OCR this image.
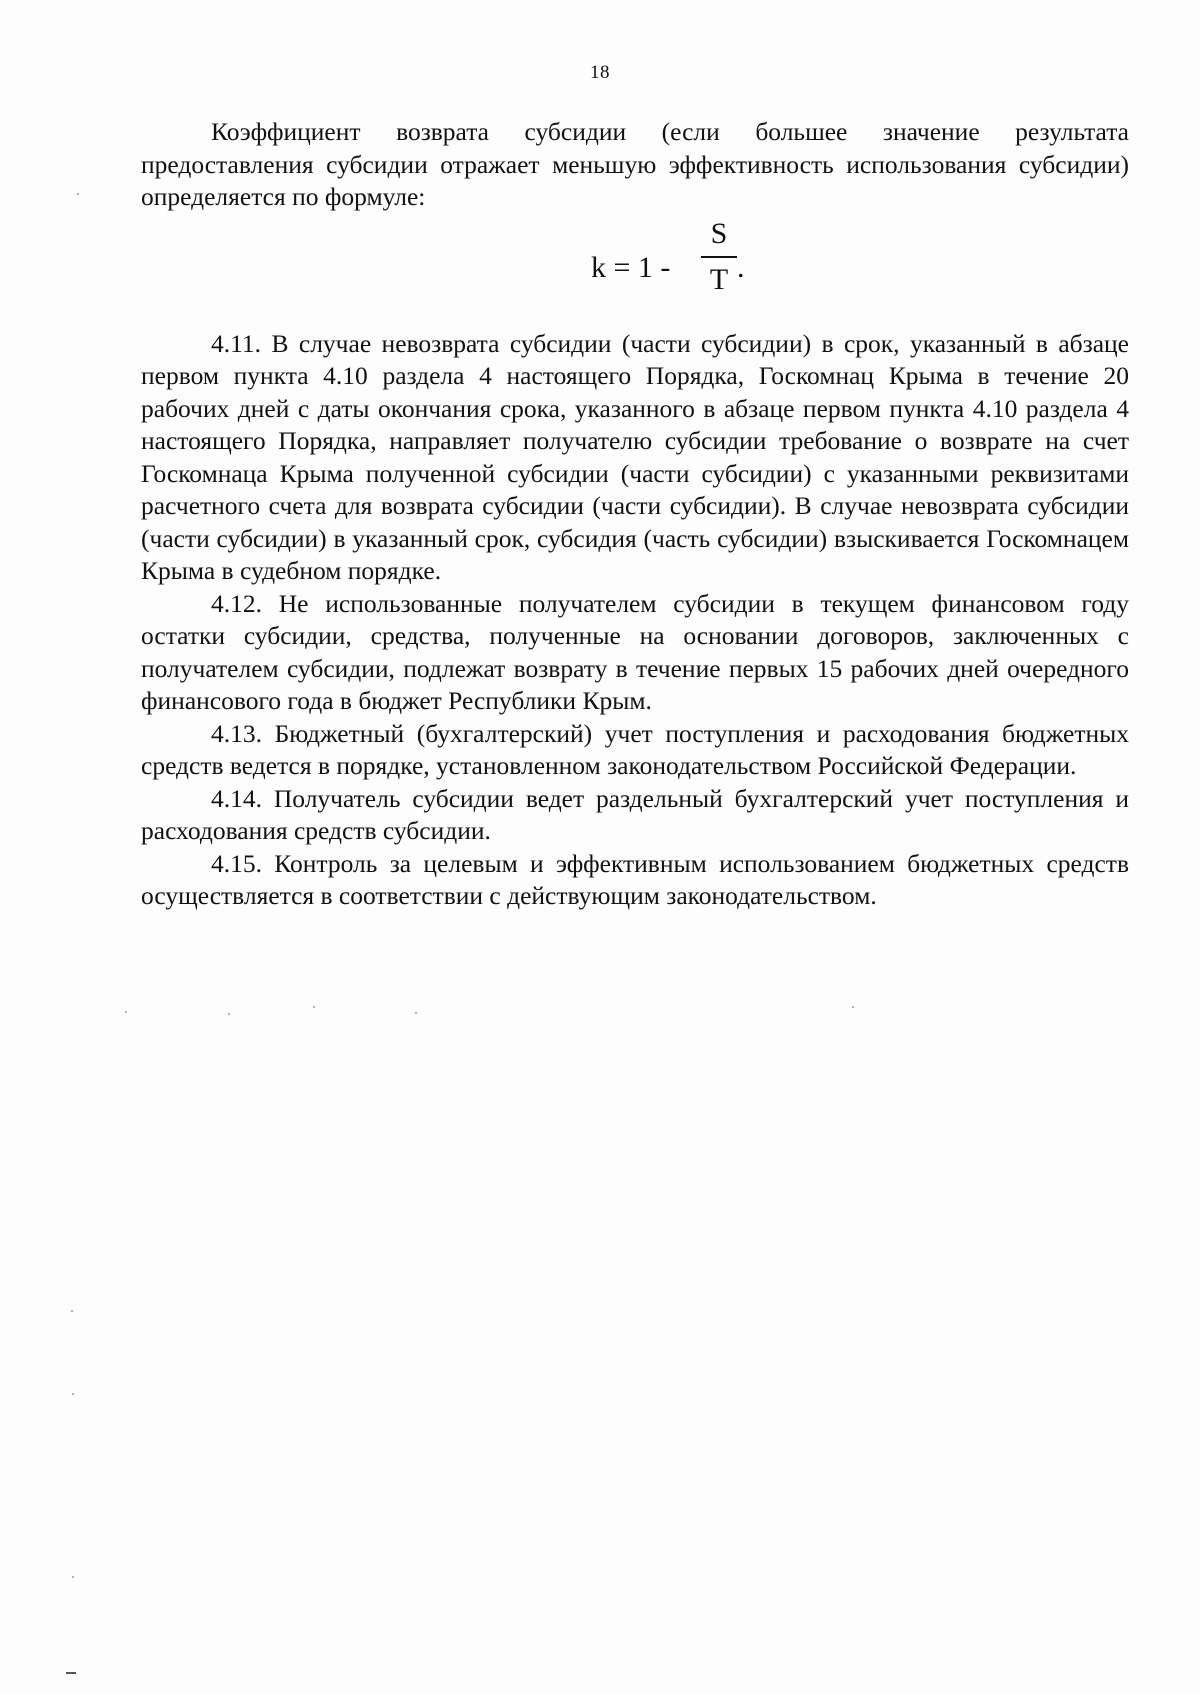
18

Коэффициент возврата субсидии (если большее значение результата предоставления субсидии отражает меньшую эффективность использования субсидии) определяется по формуле:

k = 1 -
S
T .

4.11. В случае невозврата субсидии (части субсидии) в срок, указанный в абзаце первом пункта 4.10 раздела 4 настоящего Порядка, Госкомнац Крыма в течение 20 рабочих дней с даты окончания срока, указанного в абзаце первом пункта 4.10 раздела 4 настоящего Порядка, направляет получателю субсидии требование о возврате на счет Госкомнаца Крыма полученной субсидии (части субсидии) с указанными реквизитами расчетного счета для возврата субсидии (части субсидии). В случае невозврата субсидии (части субсидии) в указанный срок, субсидия (часть субсидии) взыскивается Госкомнацем Крыма в судебном порядке.

4.12. Не использованные получателем субсидии в текущем финансовом году остатки субсидии, средства, полученные на основании договоров, заключенных с получателем субсидии, подлежат возврату в течение первых 15 рабочих дней очередного финансового года в бюджет Республики Крым.

4.13. Бюджетный (бухгалтерский) учет поступления и расходования бюджетных средств ведется в порядке, установленном законодательством Российской Федерации.

4.14. Получатель субсидии ведет раздельный бухгалтерский учет поступления и расходования средств субсидии.

4.15. Контроль за целевым и эффективным использованием бюджетных средств осуществляется в соответствии с действующим законодательством.
